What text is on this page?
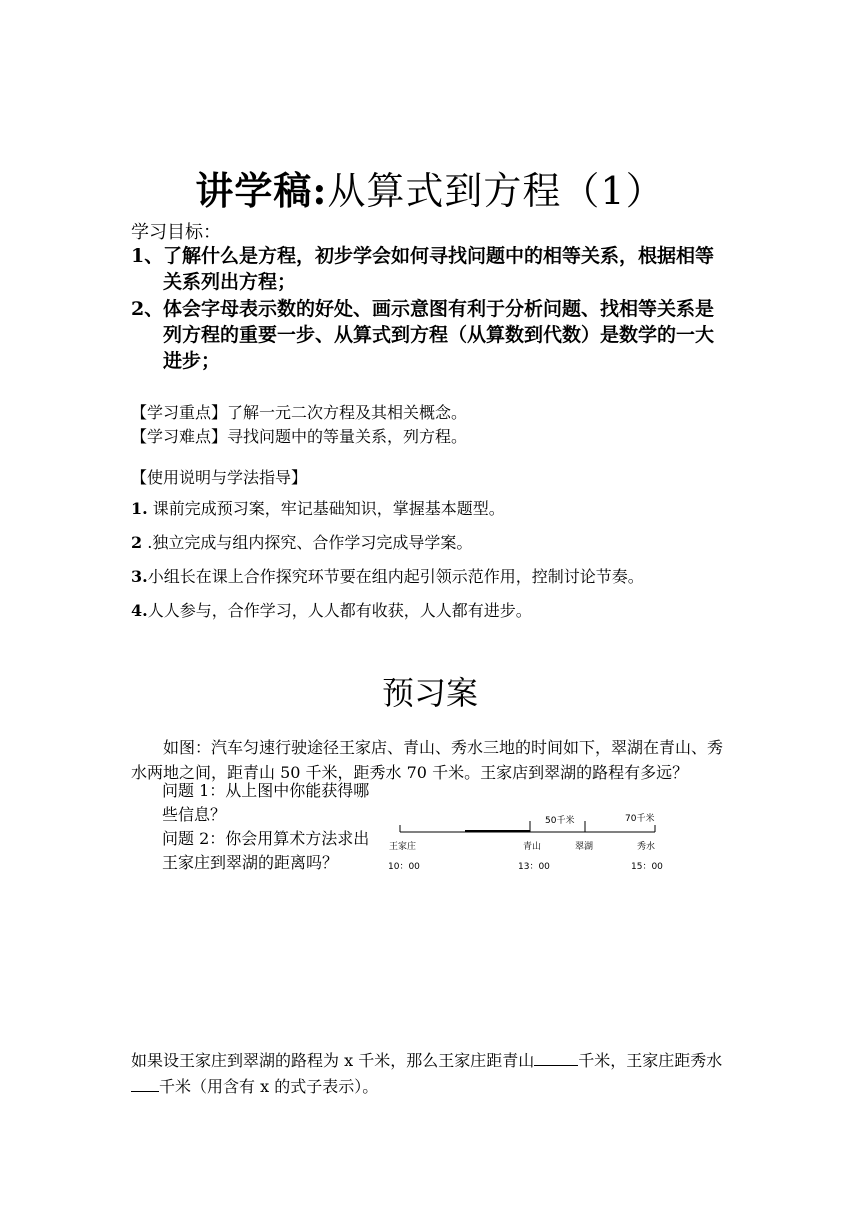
讲学稿:从算式到方程（1）
学习目标：
1、 了解什么是方程，初步学会如何寻找问题中的相等关系，根据相等关系列出方程；
2、 体会字母表示数的好处、画示意图有利于分析问题、找相等关系是列方程的重要一步、从算式到方程（从算数到代数）是数学的一大进步；
【学习重点】了解一元二次方程及其相关概念。
【学习难点】寻找问题中的等量关系，列方程。
【使用说明与学法指导】
1. 课前完成预习案，牢记基础知识，掌握基本题型。
2 .独立完成与组内探究、合作学习完成导学案。
3.小组长在课上合作探究环节要在组内起引领示范作用，控制讨论节奏。
4.人人参与，合作学习，人人都有收获，人人都有进步。
预习案
如图：汽车匀速行驶途径王家店、青山、秀水三地的时间如下，翠湖在青山、秀水两地之间，距青山 50 千米，距秀水 70 千米。王家店到翠湖的路程有多远？
问题 1：从上图中你能获得哪些信息？
问题 2：你会用算术方法求出王家庄到翠湖的距离吗？
50千米	70千米
王家庄	青山	翠湖	秀水
10：00	13：00	15：00
如果设王家庄到翠湖的路程为 x 千米，那么王家庄距青山	千米，王家庄距秀水千米（用含有 x 的式子表示）。
